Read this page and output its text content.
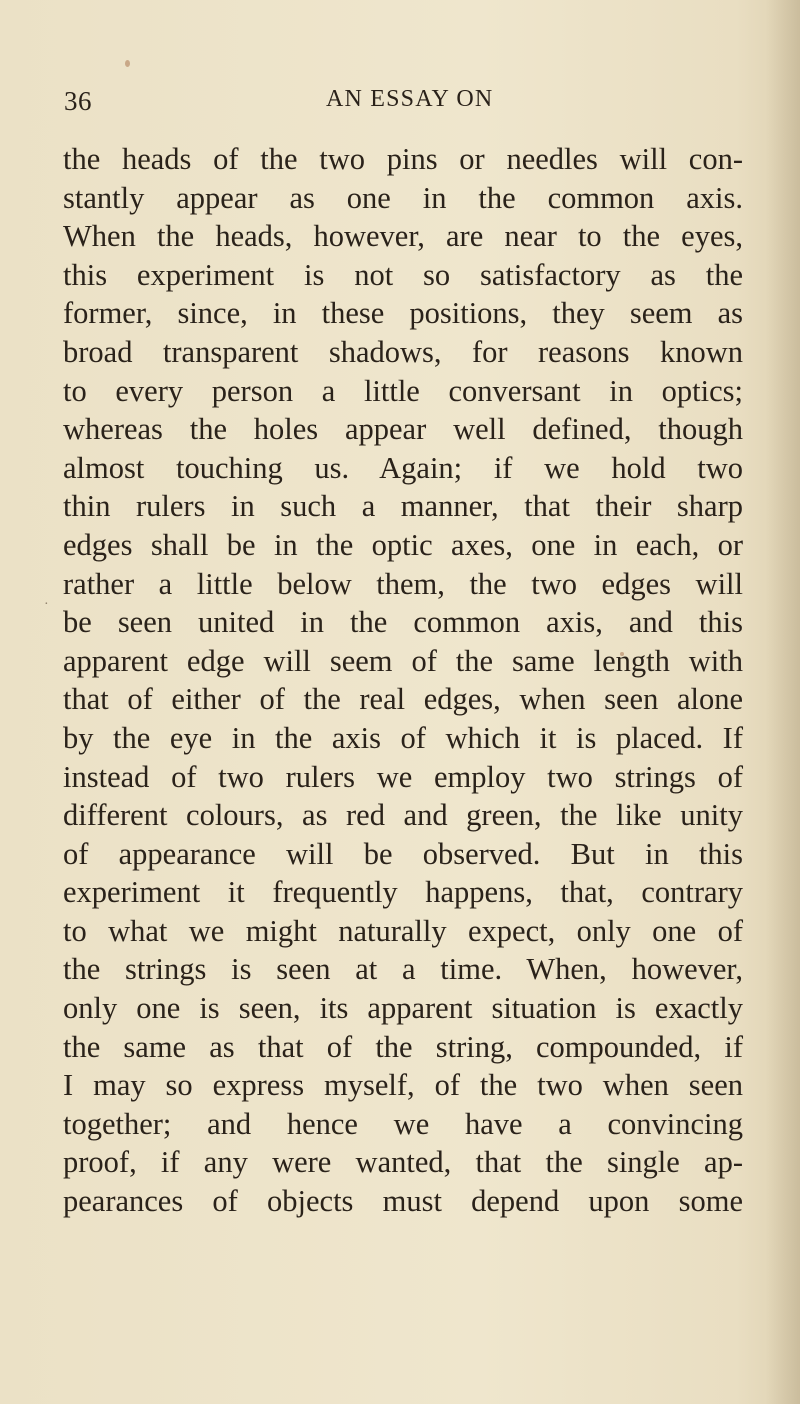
36	AN ESSAY ON
·
the heads of the two pins or needles will con-
stantly appear as one in the common axis.
When the heads, however, are near to the eyes,
this experiment is not so satisfactory as the
former, since, in these positions, they seem as
broad transparent shadows, for reasons known
to every person a little conversant in optics;
whereas the holes appear well defined, though
almost touching us. Again; if we hold two
thin rulers in such a manner, that their sharp
edges shall be in the optic axes, one in each, or
rather a little below them, the two edges will
be seen united in the common axis, and this
apparent edge will seem of the same length with
that of either of the real edges, when seen alone
by the eye in the axis of which it is placed. If
instead of two rulers we employ two strings of
different colours, as red and green, the like unity
of appearance will be observed. But in this
experiment it frequently happens, that, contrary
to what we might naturally expect, only one of
the strings is seen at a time. When, however,
only one is seen, its apparent situation is exactly
the same as that of the string, compounded, if
I may so express myself, of the two when seen
together; and hence we have a convincing
proof, if any were wanted, that the single ap-
pearances of objects must depend upon some
